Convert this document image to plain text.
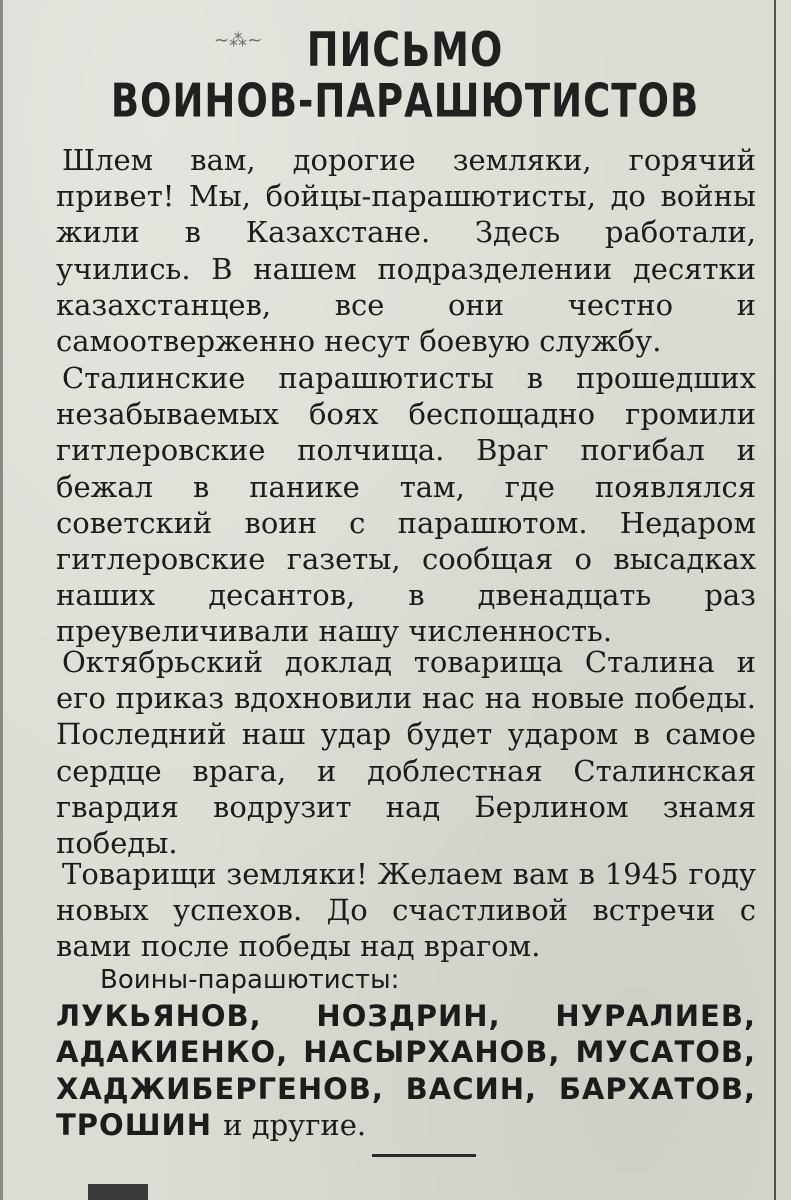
~⁂~	ПИСЬМО
ВОИНОВ-ПАРАШЮТИСТОВ

Шлем вам, дорогие земляки, горячий привет! Мы, бойцы-парашютисты, до войны жили в Казахстане. Здесь работали, учились. В нашем подразделении десятки казахстанцев, все они честно и самоотверженно несут боевую службу.

Сталинские парашютисты в прошедших незабываемых боях беспощадно громили гитлеровские полчища. Враг погибал и бежал в панике там, где появлялся советский воин с парашютом. Недаром гитлеровские газеты, сообщая о высадках наших десантов, в двенадцать раз преувеличивали нашу численность.

Октябрьский доклад товарища Сталина и его приказ вдохновили нас на новые победы. Последний наш удар будет ударом в самое сердце врага, и доблестная Сталинская гвардия водрузит над Берлином знамя победы.

Товарищи земляки! Желаем вам в 1945 году новых успехов. До счастливой встречи с вами после победы над врагом.

Воины-парашютисты:
ЛУКЬЯНОВ, НОЗДРИН, НУРАЛИЕВ, АДАКИЕНКО, НАСЫРХАНОВ, МУСАТОВ, ХАДЖИБЕРГЕНОВ, ВАСИН, БАРХАТОВ, ТРОШИН и другие.
